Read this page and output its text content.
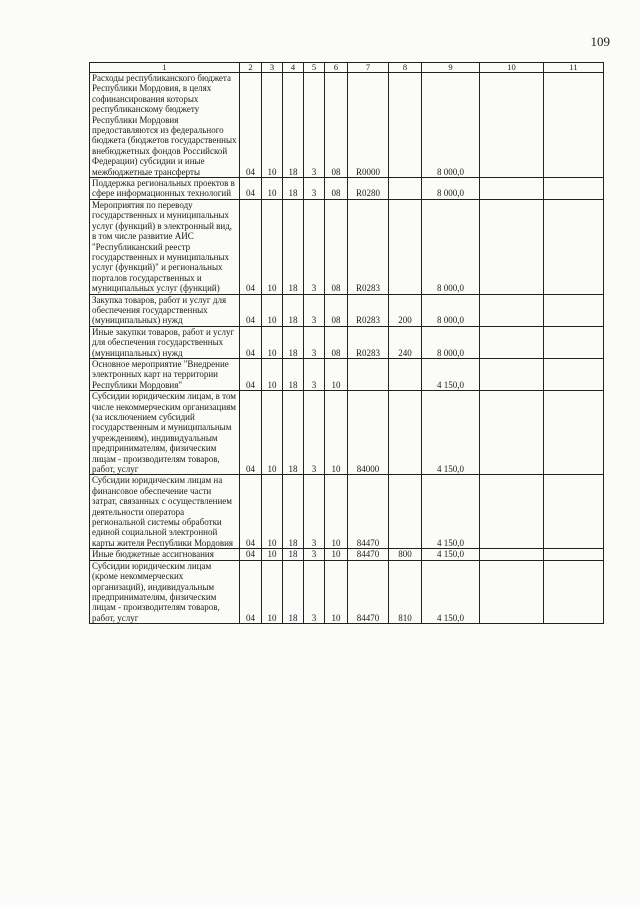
109
1	2	3	4	5	6	7	8	9	10	11
Расходы республиканского бюджета Республики Мордовия, в целях софинансирования которых республиканскому бюджету Республики Мордовия предоставляются из федерального бюджета (бюджетов государственных внебюджетных фондов Российской Федерации) субсидии и иные межбюджетные трансферты	04	10	18	3	08	R0000		8 000,0		
Поддержка региональных проектов в сфере информационных технологий	04	10	18	3	08	R0280		8 000,0		
Мероприятия по переводу государственных и муниципальных услуг (функций) в электронный вид, в том числе развитие АИС "Республиканский реестр государственных и муниципальных услуг (функций)" и региональных порталов государственных и муниципальных услуг (функций)	04	10	18	3	08	R0283		8 000,0		
Закупка товаров, работ и услуг для обеспечения государственных (муниципальных) нужд	04	10	18	3	08	R0283	200	8 000,0		
Иные закупки товаров, работ и услуг для обеспечения государственных (муниципальных) нужд	04	10	18	3	08	R0283	240	8 000,0		
Основное мероприятие "Внедрение электронных карт на территории Республики Мордовия"	04	10	18	3	10			4 150,0		
Субсидии юридическим лицам, в том числе некоммерческим организациям (за исключением субсидий государственным и муниципальным учреждениям), индивидуальным предпринимателям, физическим лицам - производителям товаров, работ, услуг	04	10	18	3	10	84000		4 150,0		
Субсидии юридическим лицам на финансовое обеспечение части затрат, связанных с осуществлением деятельности оператора региональной системы обработки единой социальной электронной карты жителя Республики Мордовия	04	10	18	3	10	84470		4 150,0		
Иные бюджетные ассигнования	04	10	18	3	10	84470	800	4 150,0		
Субсидии юридическим лицам (кроме некоммерческих организаций), индивидуальным предпринимателям, физическим лицам - производителям товаров, работ, услуг	04	10	18	3	10	84470	810	4 150,0		
